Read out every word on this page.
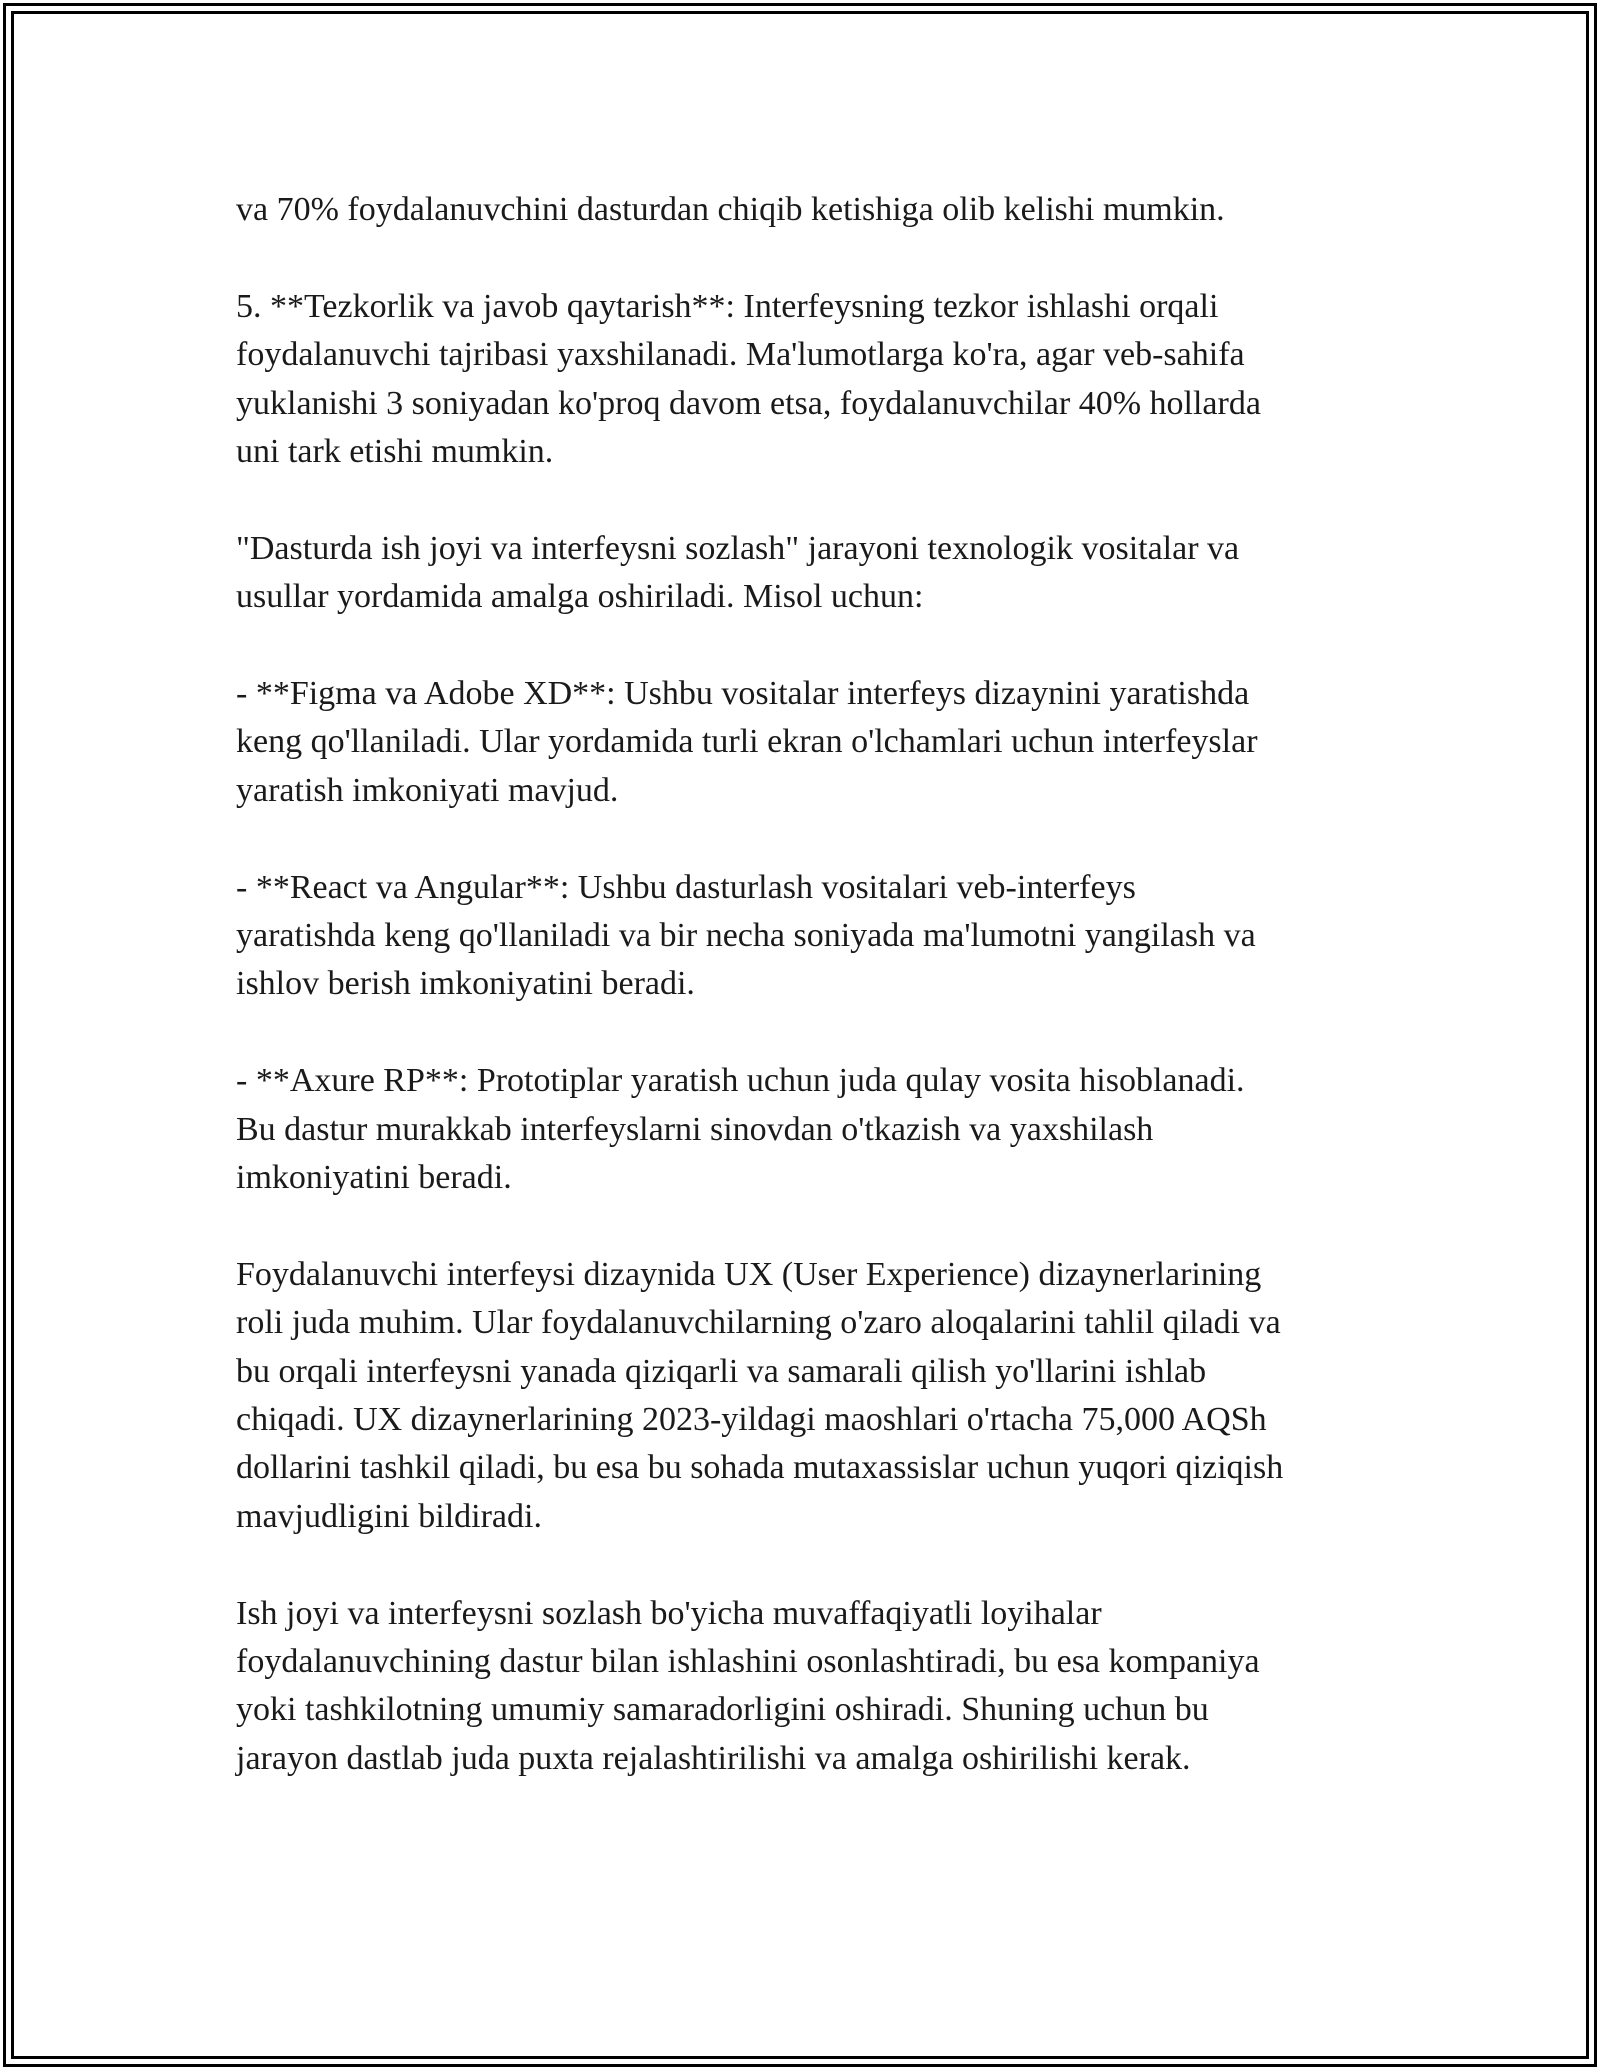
va 70% foydalanuvchini dasturdan chiqib ketishiga olib kelishi mumkin.

5. **Tezkorlik va javob qaytarish**: Interfeysning tezkor ishlashi orqali
foydalanuvchi tajribasi yaxshilanadi. Ma'lumotlarga ko'ra, agar veb-sahifa
yuklanishi 3 soniyadan ko'proq davom etsa, foydalanuvchilar 40% hollarda
uni tark etishi mumkin.

"Dasturda ish joyi va interfeysni sozlash" jarayoni texnologik vositalar va
usullar yordamida amalga oshiriladi. Misol uchun:

- **Figma va Adobe XD**: Ushbu vositalar interfeys dizaynini yaratishda
keng qo'llaniladi. Ular yordamida turli ekran o'lchamlari uchun interfeyslar
yaratish imkoniyati mavjud.

- **React va Angular**: Ushbu dasturlash vositalari veb-interfeys
yaratishda keng qo'llaniladi va bir necha soniyada ma'lumotni yangilash va
ishlov berish imkoniyatini beradi.

- **Axure RP**: Prototiplar yaratish uchun juda qulay vosita hisoblanadi.
Bu dastur murakkab interfeyslarni sinovdan o'tkazish va yaxshilash
imkoniyatini beradi.

Foydalanuvchi interfeysi dizaynida UX (User Experience) dizaynerlarining
roli juda muhim. Ular foydalanuvchilarning o'zaro aloqalarini tahlil qiladi va
bu orqali interfeysni yanada qiziqarli va samarali qilish yo'llarini ishlab
chiqadi. UX dizaynerlarining 2023-yildagi maoshlari o'rtacha 75,000 AQSh
dollarini tashkil qiladi, bu esa bu sohada mutaxassislar uchun yuqori qiziqish
mavjudligini bildiradi.

Ish joyi va interfeysni sozlash bo'yicha muvaffaqiyatli loyihalar
foydalanuvchining dastur bilan ishlashini osonlashtiradi, bu esa kompaniya
yoki tashkilotning umumiy samaradorligini oshiradi. Shuning uchun bu
jarayon dastlab juda puxta rejalashtirilishi va amalga oshirilishi kerak.
